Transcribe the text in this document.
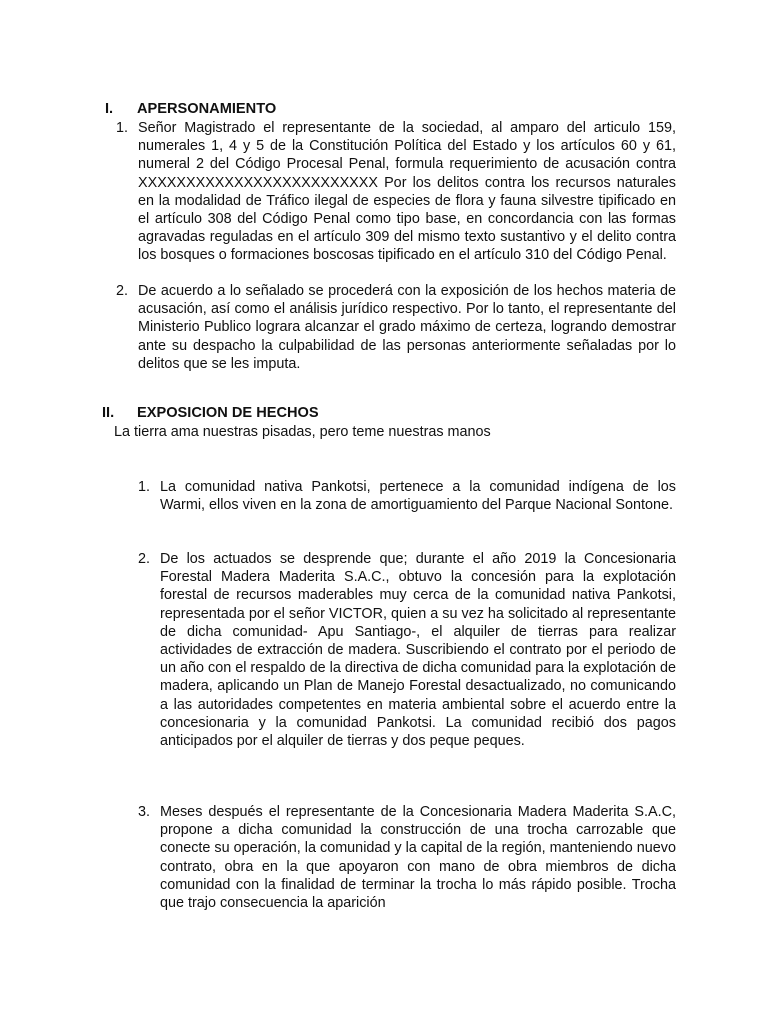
I. APERSONAMIENTO
1. Señor Magistrado el representante de la sociedad, al amparo del articulo 159, numerales 1, 4 y 5 de la Constitución Política del Estado y los artículos 60 y 61, numeral 2 del Código Procesal Penal, formula requerimiento de acusación contra XXXXXXXXXXXXXXXXXXXXXXXXX Por los delitos contra los recursos naturales en la modalidad de Tráfico ilegal de especies de flora y fauna silvestre tipificado en el artículo 308 del Código Penal como tipo base, en concordancia con las formas agravadas reguladas en el artículo 309 del mismo texto sustantivo y el delito contra los bosques o formaciones boscosas tipificado en el artículo 310 del Código Penal.

2. De acuerdo a lo señalado se procederá con la exposición de los hechos materia de acusación, así como el análisis jurídico respectivo. Por lo tanto, el representante del Ministerio Publico lograra alcanzar el grado máximo de certeza, logrando demostrar ante su despacho la culpabilidad de las personas anteriormente señaladas por lo delitos que se les imputa.

II. EXPOSICION DE HECHOS
La tierra ama nuestras pisadas, pero teme nuestras manos
1. La comunidad nativa Pankotsi, pertenece a la comunidad indígena de los Warmi, ellos viven en la zona de amortiguamiento del Parque Nacional Sontone.

2. De los actuados se desprende que; durante el año 2019 la Concesionaria Forestal Madera Maderita S.A.C., obtuvo la concesión para la explotación forestal de recursos maderables muy cerca de la comunidad nativa Pankotsi, representada por el señor VICTOR, quien a su vez ha solicitado al representante de dicha comunidad- Apu Santiago-, el alquiler de tierras para realizar actividades de extracción de madera. Suscribiendo el contrato por el periodo de un año con el respaldo de la directiva de dicha comunidad para la explotación de madera, aplicando un Plan de Manejo Forestal desactualizado, no comunicando a las autoridades competentes en materia ambiental sobre el acuerdo entre la concesionaria y la comunidad Pankotsi. La comunidad recibió dos pagos anticipados por el alquiler de tierras y dos peque peques.

3. Meses después el representante de la Concesionaria Madera Maderita S.A.C, propone a dicha comunidad la construcción de una trocha carrozable que conecte su operación, la comunidad y la capital de la región, manteniendo nuevo contrato, obra en la que apoyaron con mano de obra miembros de dicha comunidad con la finalidad de terminar la trocha lo más rápido posible. Trocha que trajo consecuencia la aparición
